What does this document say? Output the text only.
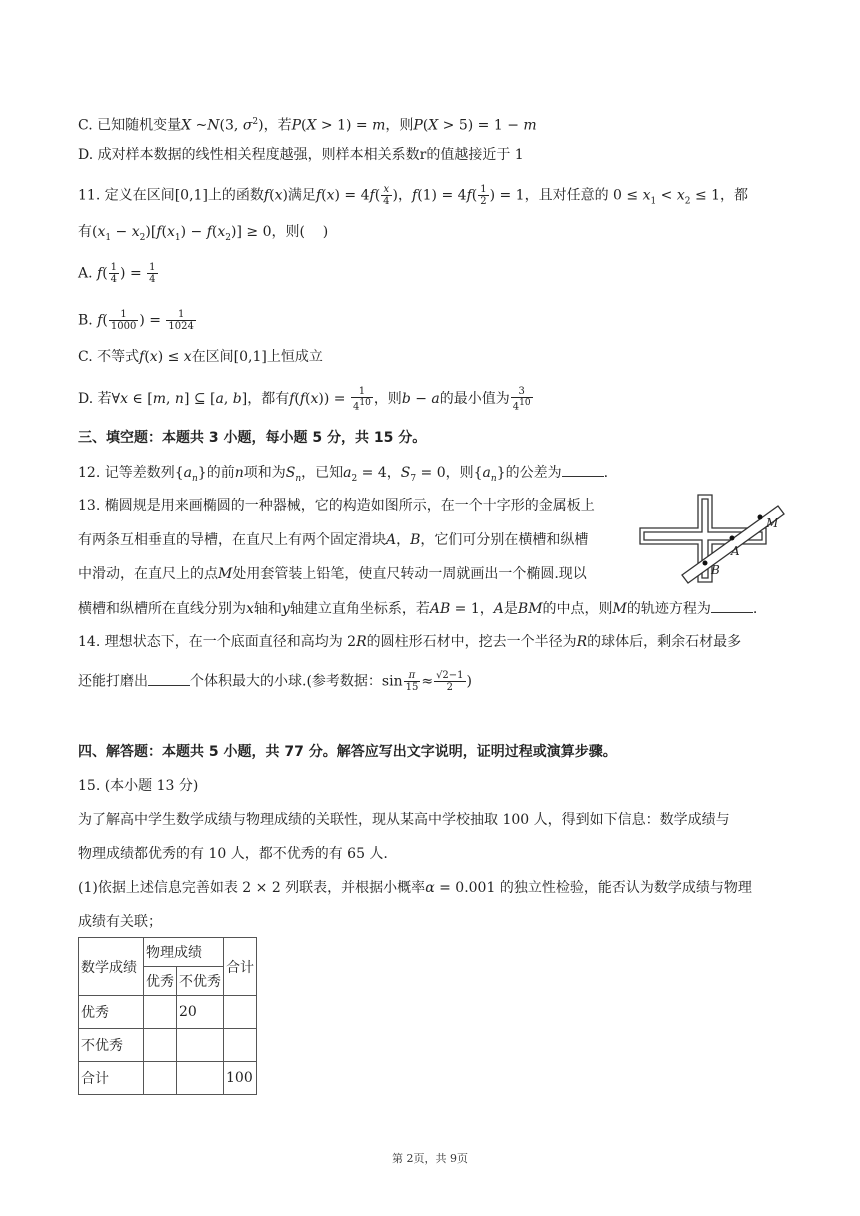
C. 已知随机变量X ~N(3, $\sigma^2$)，若P(X > 1) = m，则P(X > 5) = 1 − m
D. 成对样本数据的线性相关程度越强，则样本相关系数r的值越接近于 1
11. 定义在区间[0,1]上的函数f(x)满足$f(x) = 4f( \frac{x}{4}$ )，$f(1) = 4f( \frac{1}{2}$ ) = 1，且对任意的 $0 \le x_1 < x_2 \le 1$，都
有$(x_1 - x_2)[f(x_1) - f(x_2)] \ge 0$，则(    )
A. $f( \frac{1}{4}$ ) = $\frac{1}{4}$
B. $f( \frac{1}{1000}$ ) = $\frac{1}{1024}$
C. 不等式f(x) ≤ x在区间[0,1]上恒成立
D. 若∀x ∈ [m, n] ⊆ [a, b]，都有$f(f(x)) = \frac{1}{4^{10}}$ ，则b − a的最小值为 $\frac{3}{4^{10}}$
三、填空题：本题共 3 小题，每小题 5 分，共 15 分。
12. 记等差数列$\{a_n\}$的前n项和为$S_n$，已知$a_2 = 4$，$S_7 = 0$，则$\{a_n\}$的公差为	.
13. 椭圆规是用来画椭圆的一种器械，它的构造如图所示，在一个十字形的金属板上
有两条互相垂直的导槽，在直尺上有两个固定滑块A，B，它们可分别在横槽和纵槽
中滑动，在直尺上的点M处用套管装上铅笔，使直尺转动一周就画出一个椭圆.现以
横槽和纵槽所在直线分别为x轴和y轴建立直角坐标系，若AB = 1，A是BM的中点，则M的轨迹方程为	.
M
A
B
14. 理想状态下，在一个底面直径和高均为 2R的圆柱形石材中，挖去一个半径为R的球体后，剩余石材最多
还能打磨出	个体积最大的小球.(参考数据：$\sin \frac{\pi}{15} \approx \frac{√2-1}{2}$ )
四、解答题：本题共 5 小题，共 77 分。解答应写出文字说明，证明过程或演算步骤。
15. (本小题 13 分)
为了解高中学生数学成绩与物理成绩的关联性，现从某高中学校抽取 100 人，得到如下信息：数学成绩与
物理成绩都优秀的有 10 人，都不优秀的有 65 人.
(1)依据上述信息完善如表 2 × 2 列联表，并根据小概率α = 0.001 的独立性检验，能否认为数学成绩与物理
成绩有关联；
数学成绩	物理成绩		合计
	优秀	不优秀	
优秀		20	
不优秀			
合计			100
第 2页，共 9页
